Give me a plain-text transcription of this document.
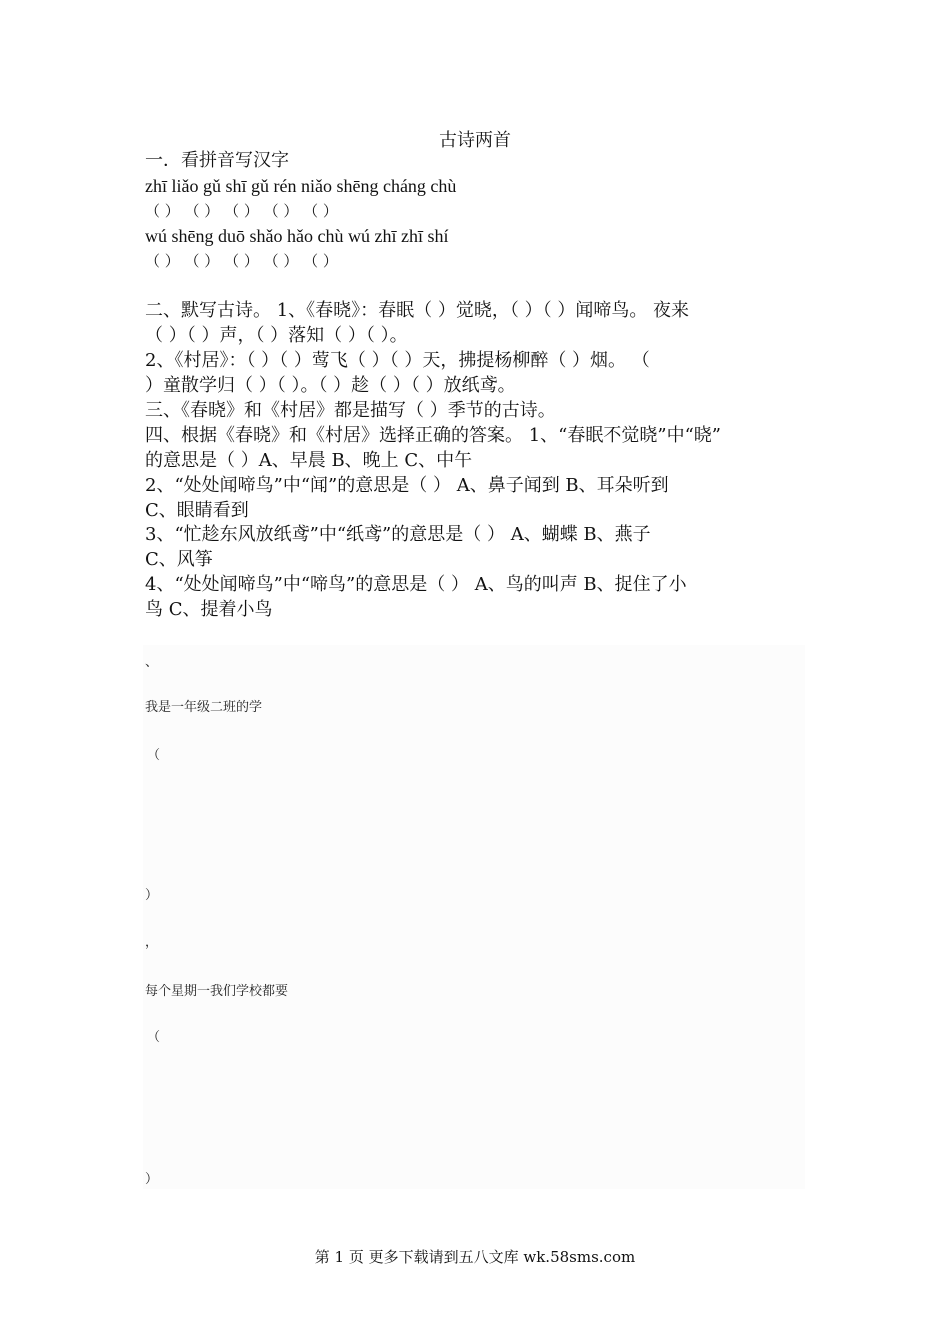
古诗两首
一．看拼音写汉字
zhī liǎo gǔ shī gǔ rén niǎo shēng cháng chù
（ ） （ ） （ ） （ ） （ ）
wú shēng duō shǎo hǎo chù wú zhī zhī shí
（ ） （ ） （ ） （ ） （ ）
二、默写古诗。 1、《春晓》：春眠（ ）觉晓，（ ）（ ）闻啼鸟。 夜来
（ ）（ ）声，（ ）落知（ ）（ ）。
2、《村居》：（ ）（ ）莺飞（ ）（ ）天，拂提杨柳醉（ ）烟。 （
）童散学归（ ）（ ）。（ ）趁（ ）（ ）放纸鸢。
三、《春晓》和《村居》都是描写（ ）季节的古诗。
四、根据《春晓》和《村居》选择正确的答案。 1、“春眠不觉晓”中“晓”
的意思是（ ）A、早晨 B、晚上 C、中午
2、“处处闻啼鸟”中“闻”的意思是（ ） A、鼻子闻到 B、耳朵听到
C、眼睛看到
3、“忙趁东风放纸鸢”中“纸鸢”的意思是（ ） A、蝴蝶 B、燕子
C、风筝
4、“处处闻啼鸟”中“啼鸟”的意思是（ ） A、鸟的叫声 B、捉住了小
鸟 C、提着小鸟
、
我是一年级二班的学
（
）
，
每个星期一我们学校都要
（
）
第 1 页 更多下载请到五八文库 wk.58sms.com
